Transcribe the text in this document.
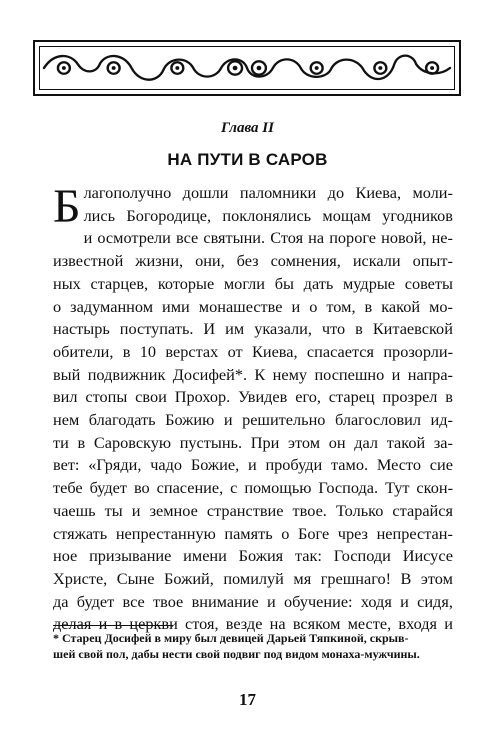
Глава II
НА ПУТИ В САРОВ
Б лагополучно дошли паломники до Киева, моли-
лись Богородице, поклонялись мощам угодников
и осмотрели все святыни. Стоя на пороге новой, не-
известной жизни, они, без сомнения, искали опыт-
ных старцев, которые могли бы дать мудрые советы
о задуманном ими монашестве и о том, в какой мо-
настырь поступать. И им указали, что в Китаевской
обители, в 10 верстах от Киева, спасается прозорли-
вый подвижник Досифей*. К нему поспешно и напра-
вил стопы свои Прохор. Увидев его, старец прозрел в
нем благодать Божию и решительно благословил ид-
ти в Саровскую пустынь. При этом он дал такой за-
вет: «Гряди, чадо Божие, и пробуди тамо. Место сие
тебе будет во спасение, с помощью Господа. Тут скон-
чаешь ты и земное странствие твое. Только старайся
стяжать непрестанную память о Боге чрез непрестан-
ное призывание имени Божия так: Господи Иисусе
Христе, Сыне Божий, помилуй мя грешнаго! В этом
да будет все твое внимание и обучение: ходя и сидя,
делая и в церкви стоя, везде на всяком месте, входя и
* Старец Досифей в миру был девицей Дарьей Тяпкиной, скрыв-
шей свой пол, дабы нести свой подвиг под видом монаха-мужчины.
17
